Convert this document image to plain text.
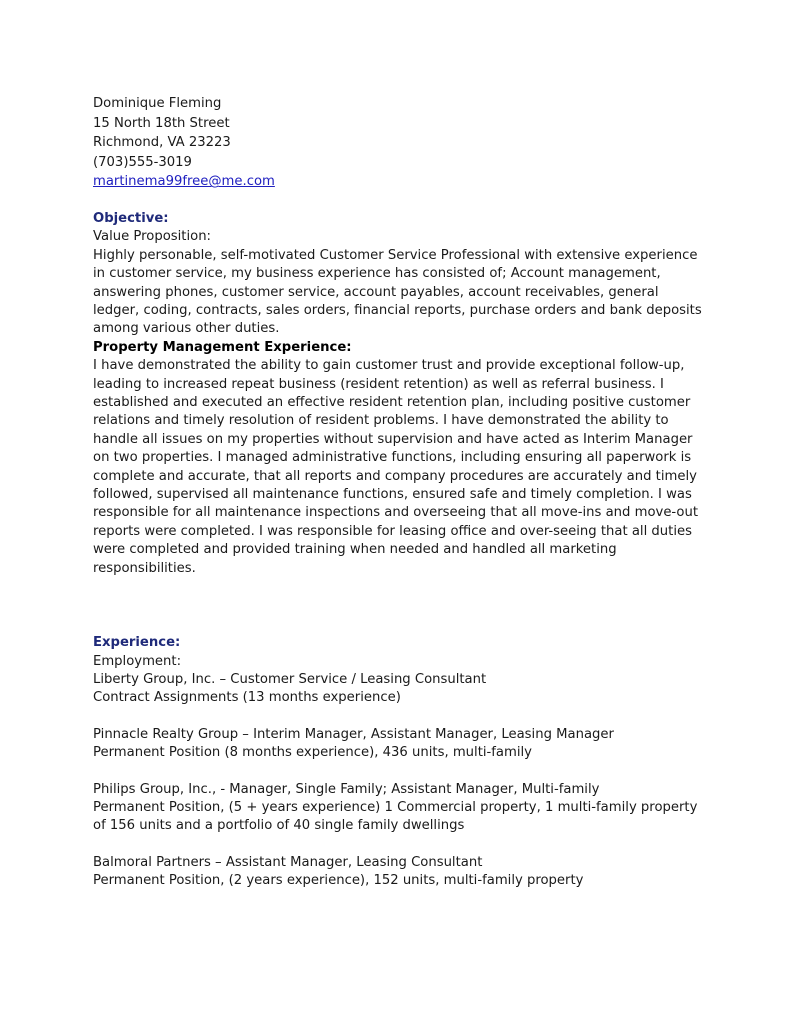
Dominique Fleming
15 North 18th Street
Richmond, VA 23223
(703)555-3019
martinema99free@me.com
Objective:
Value Proposition:

Highly personable, self-motivated Customer Service Professional with extensive experience in customer service, my business experience has consisted of; Account management, answering phones, customer service, account payables, account receivables, general ledger, coding, contracts, sales orders, financial reports, purchase orders and bank deposits among various other duties.

Property Management Experience:

I have demonstrated the ability to gain customer trust and provide exceptional follow-up, leading to increased repeat business (resident retention) as well as referral business. I established and executed an effective resident retention plan, including positive customer relations and timely resolution of resident problems. I have demonstrated the ability to handle all issues on my properties without supervision and have acted as Interim Manager on two properties. I managed administrative functions, including ensuring all paperwork is complete and accurate, that all reports and company procedures are accurately and timely followed, supervised all maintenance functions, ensured safe and timely completion. I was responsible for all maintenance inspections and overseeing that all move-ins and move-out reports were completed. I was responsible for leasing office and over-seeing that all duties were completed and provided training when needed and handled all marketing responsibilities.

Experience:
Employment:
Liberty Group, Inc. – Customer Service / Leasing Consultant
Contract Assignments (13 months experience)
Pinnacle Realty Group – Interim Manager, Assistant Manager, Leasing Manager
Permanent Position (8 months experience), 436 units, multi-family
Philips Group, Inc., - Manager, Single Family; Assistant Manager, Multi-family
Permanent Position, (5 + years experience) 1 Commercial property, 1 multi-family property of 156 units and a portfolio of 40 single family dwellings
Balmoral Partners – Assistant Manager, Leasing Consultant
Permanent Position, (2 years experience), 152 units, multi-family property
